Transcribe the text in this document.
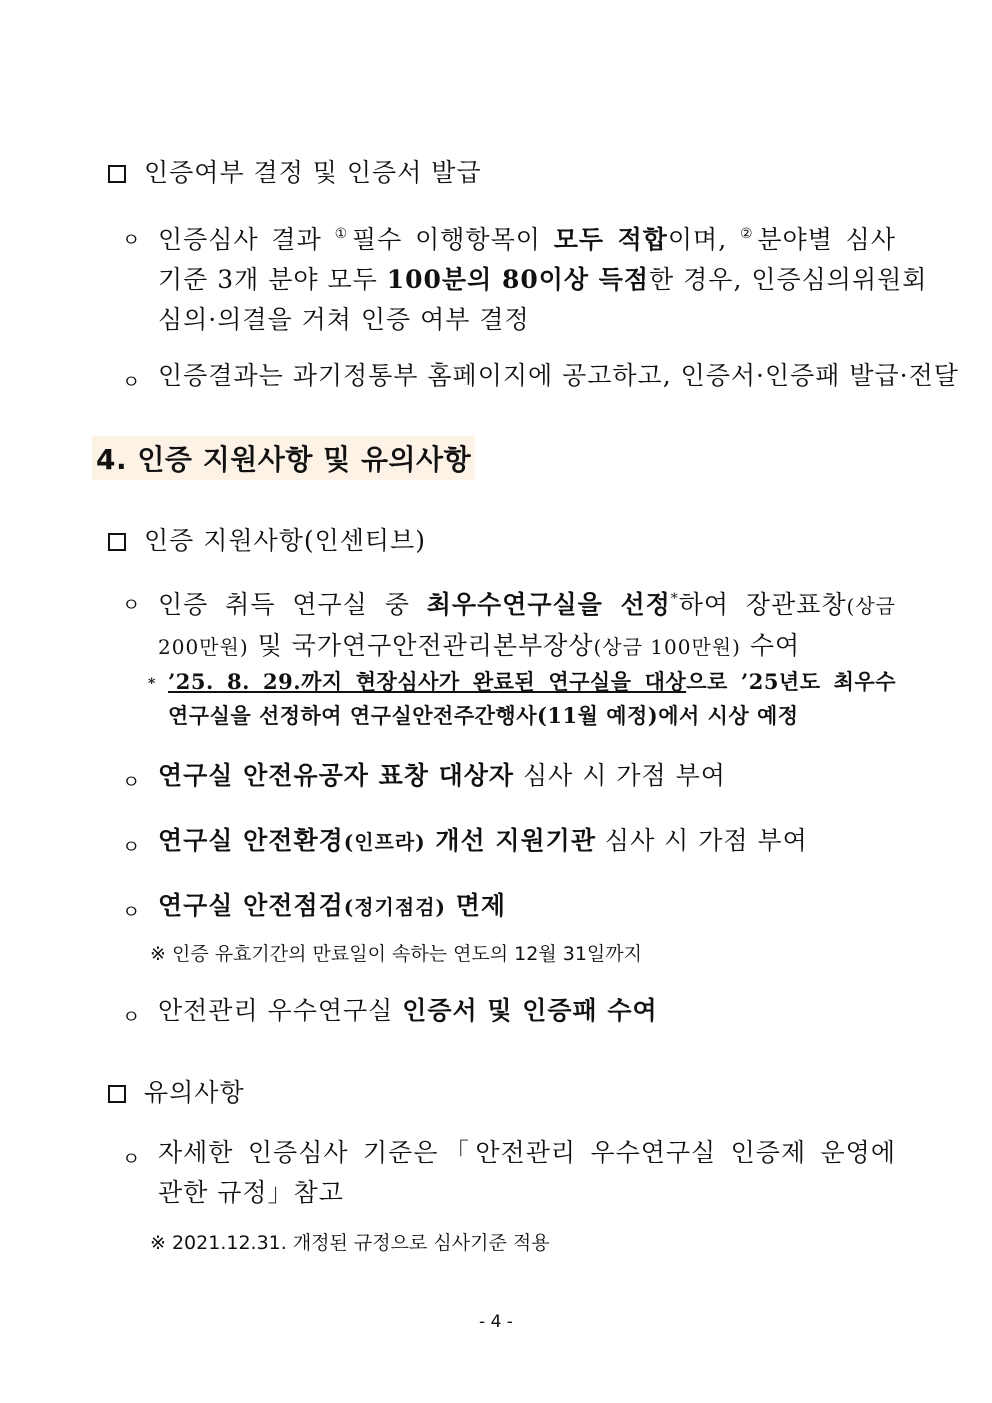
인증여부 결정 및 인증서 발급
ㅇ 인증심사 결과 ①필수 이행항목이 모두 적합이며, ②분야별 심사
기준 3개 분야 모두 100분의 80이상 득점한 경우, 인증심의위원회
심의·의결을 거쳐 인증 여부 결정
ㅇ 인증결과는 과기정통부 홈페이지에 공고하고, 인증서·인증패 발급·전달
4. 인증 지원사항 및 유의사항
인증 지원사항(인센티브)
ㅇ 인증 취득 연구실 중 최우수연구실을 선정*하여 장관표창(상금
200만원) 및 국가연구안전관리본부장상(상금 100만원) 수여
* ’25. 8. 29.까지 현장심사가 완료된 연구실을 대상으로 ’25년도 최우수
연구실을 선정하여 연구실안전주간행사(11월 예정)에서 시상 예정
ㅇ 연구실 안전유공자 표창 대상자 심사 시 가점 부여
ㅇ 연구실 안전환경(인프라) 개선 지원기관 심사 시 가점 부여
ㅇ 연구실 안전점검(정기점검) 면제
※ 인증 유효기간의 만료일이 속하는 연도의 12월 31일까지
ㅇ 안전관리 우수연구실 인증서 및 인증패 수여
유의사항
ㅇ 자세한 인증심사 기준은「안전관리 우수연구실 인증제 운영에
관한 규정」참고
※ 2021.12.31. 개정된 규정으로 심사기준 적용
- 4 -
